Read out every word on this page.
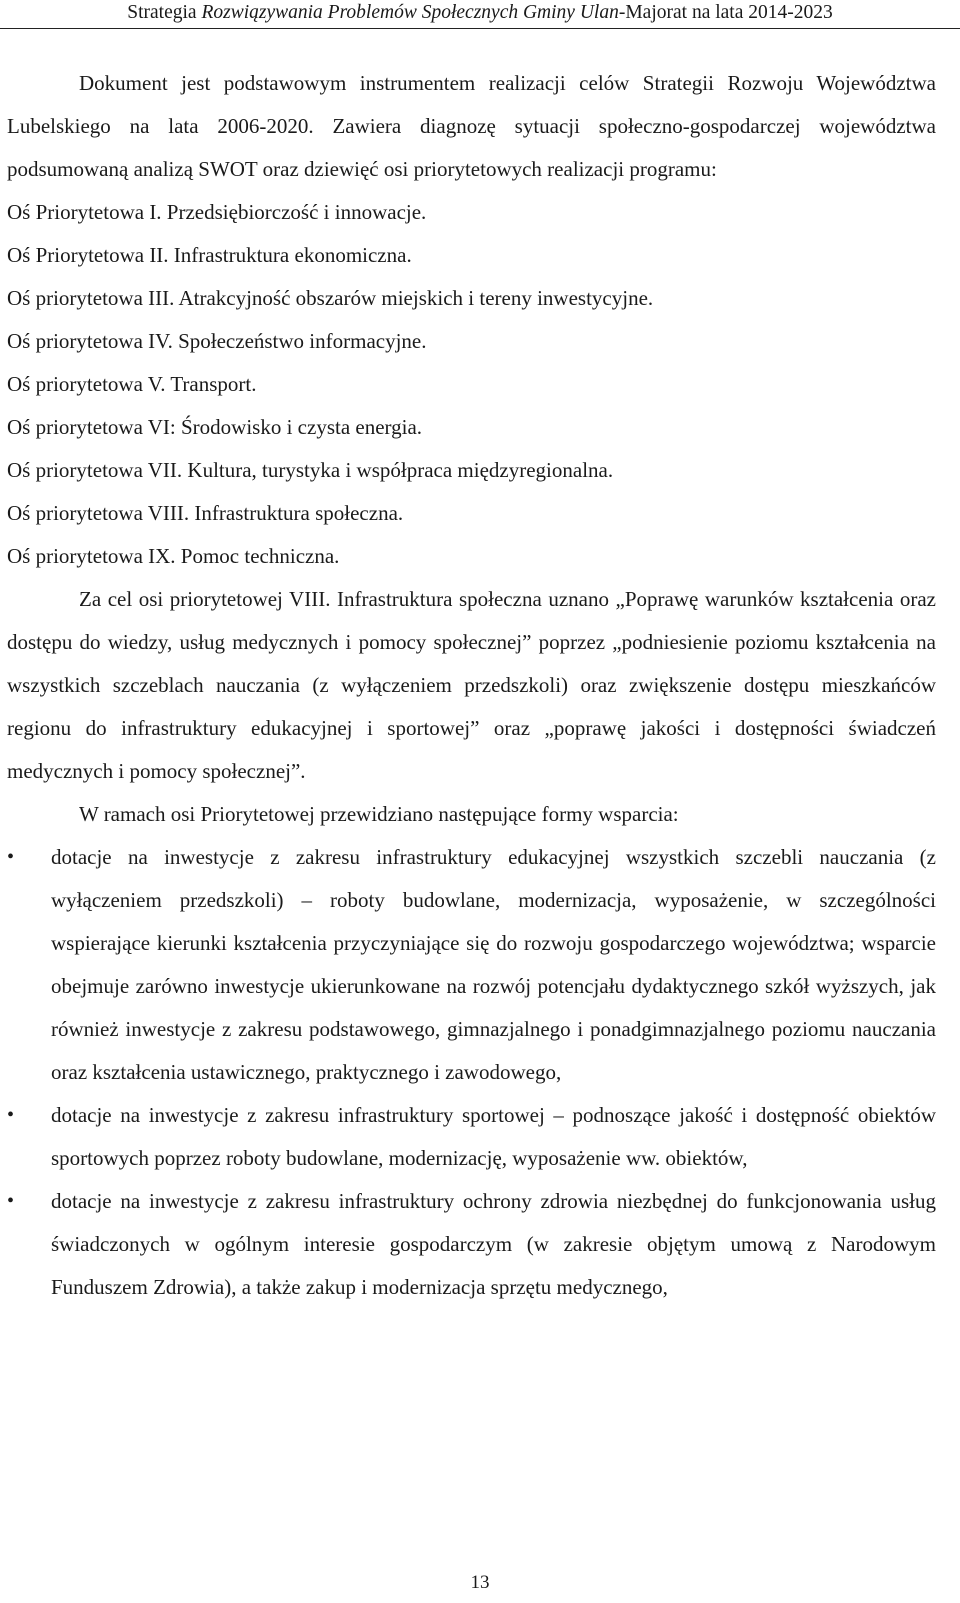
Strategia Rozwiązywania Problemów Społecznych Gminy Ulan-Majorat na lata 2014-2023

Dokument jest podstawowym instrumentem realizacji celów Strategii Rozwoju Województwa Lubelskiego na lata 2006-2020. Zawiera diagnozę sytuacji społeczno-gospodarczej województwa podsumowaną analizą SWOT oraz dziewięć osi priorytetowych realizacji programu:

Oś Priorytetowa I. Przedsiębiorczość i innowacje.

Oś Priorytetowa II. Infrastruktura ekonomiczna.

Oś priorytetowa III. Atrakcyjność obszarów miejskich i tereny inwestycyjne.

Oś priorytetowa IV. Społeczeństwo informacyjne.

Oś priorytetowa V. Transport.

Oś priorytetowa VI: Środowisko i czysta energia.

Oś priorytetowa VII. Kultura, turystyka i współpraca międzyregionalna.

Oś priorytetowa VIII. Infrastruktura społeczna.

Oś priorytetowa IX. Pomoc techniczna.

Za cel osi priorytetowej VIII. Infrastruktura społeczna uznano „Poprawę warunków kształcenia oraz dostępu do wiedzy, usług medycznych i pomocy społecznej” poprzez „podniesienie poziomu kształcenia na wszystkich szczeblach nauczania (z wyłączeniem przedszkoli) oraz zwiększenie dostępu mieszkańców regionu do infrastruktury edukacyjnej i sportowej” oraz „poprawę jakości i dostępności świadczeń medycznych i pomocy społecznej”.

W ramach osi Priorytetowej przewidziano następujące formy wsparcia:

• dotacje na inwestycje z zakresu infrastruktury edukacyjnej wszystkich szczebli nauczania (z wyłączeniem przedszkoli) – roboty budowlane, modernizacja, wyposażenie, w szczególności wspierające kierunki kształcenia przyczyniające się do rozwoju gospodarczego województwa; wsparcie obejmuje zarówno inwestycje ukierunkowane na rozwój potencjału dydaktycznego szkół wyższych, jak również inwestycje z zakresu podstawowego, gimnazjalnego i ponadgimnazjalnego poziomu nauczania oraz kształcenia ustawicznego, praktycznego i zawodowego,
• dotacje na inwestycje z zakresu infrastruktury sportowej – podnoszące jakość i dostępność obiektów sportowych poprzez roboty budowlane, modernizację, wyposażenie ww. obiektów,
• dotacje na inwestycje z zakresu infrastruktury ochrony zdrowia niezbędnej do funkcjonowania usług świadczonych w ogólnym interesie gospodarczym (w zakresie objętym umową z Narodowym Funduszem Zdrowia), a także zakup i modernizacja sprzętu medycznego,
13
